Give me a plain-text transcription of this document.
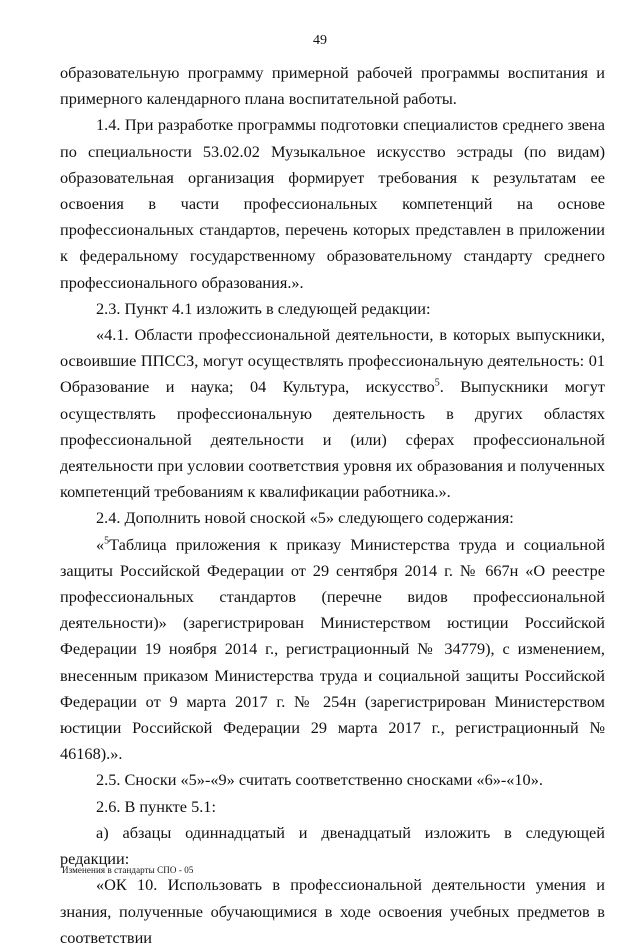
49

образовательную программу примерной рабочей программы воспитания и примерного календарного плана воспитательной работы.

1.4. При разработке программы подготовки специалистов среднего звена по специальности 53.02.02 Музыкальное искусство эстрады (по видам) образовательная организация формирует требования к результатам ее освоения в части профессиональных компетенций на основе профессиональных стандартов, перечень которых представлен в приложении к федеральному государственному образовательному стандарту среднего профессионального образования.».

2.3. Пункт 4.1 изложить в следующей редакции:

«4.1. Области профессиональной деятельности, в которых выпускники, освоившие ППССЗ, могут осуществлять профессиональную деятельность: 01 Образование и наука; 04 Культура, искусство$^5$. Выпускники могут осуществлять профессиональную деятельность в других областях профессиональной деятельности и (или) сферах профессиональной деятельности при условии соответствия уровня их образования и полученных компетенций требованиям к квалификации работника.».

2.4. Дополнить новой сноской «5» следующего содержания:

«$^5$Таблица приложения к приказу Министерства труда и социальной защиты Российской Федерации от 29 сентября 2014 г. № 667н «О реестре профессиональных стандартов (перечне видов профессиональной деятельности)» (зарегистрирован Министерством юстиции Российской Федерации 19 ноября 2014 г., регистрационный № 34779), с изменением, внесенным приказом Министерства труда и социальной защиты Российской Федерации от 9 марта 2017 г. № 254н (зарегистрирован Министерством юстиции Российской Федерации 29 марта 2017 г., регистрационный № 46168).».

2.5. Сноски «5»-«9» считать соответственно сносками «6»-«10».

2.6. В пункте 5.1:

а) абзацы одиннадцатый и двенадцатый изложить в следующей редакции:

«ОК 10. Использовать в профессиональной деятельности умения и знания, полученные обучающимися в ходе освоения учебных предметов в соответствии

Изменения в стандарты СПО - 05
